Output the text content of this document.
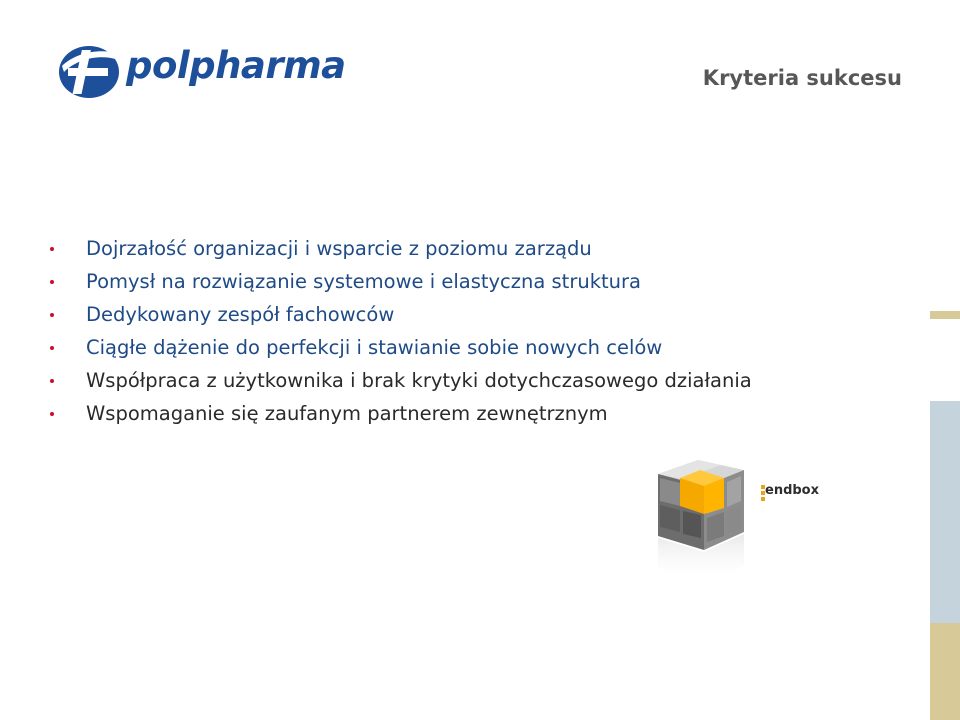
polpharma	Kryteria sukcesu
Dojrzałość organizacji i wsparcie z poziomu zarządu
Pomysł na rozwiązanie systemowe i elastyczna struktura
Dedykowany zespół fachowców
Ciągłe dążenie do perfekcji i stawianie sobie nowych celów
Współpraca z użytkownika i brak krytyki dotychczasowego działania
Wspomaganie się zaufanym partnerem zewnętrznym
endbox
